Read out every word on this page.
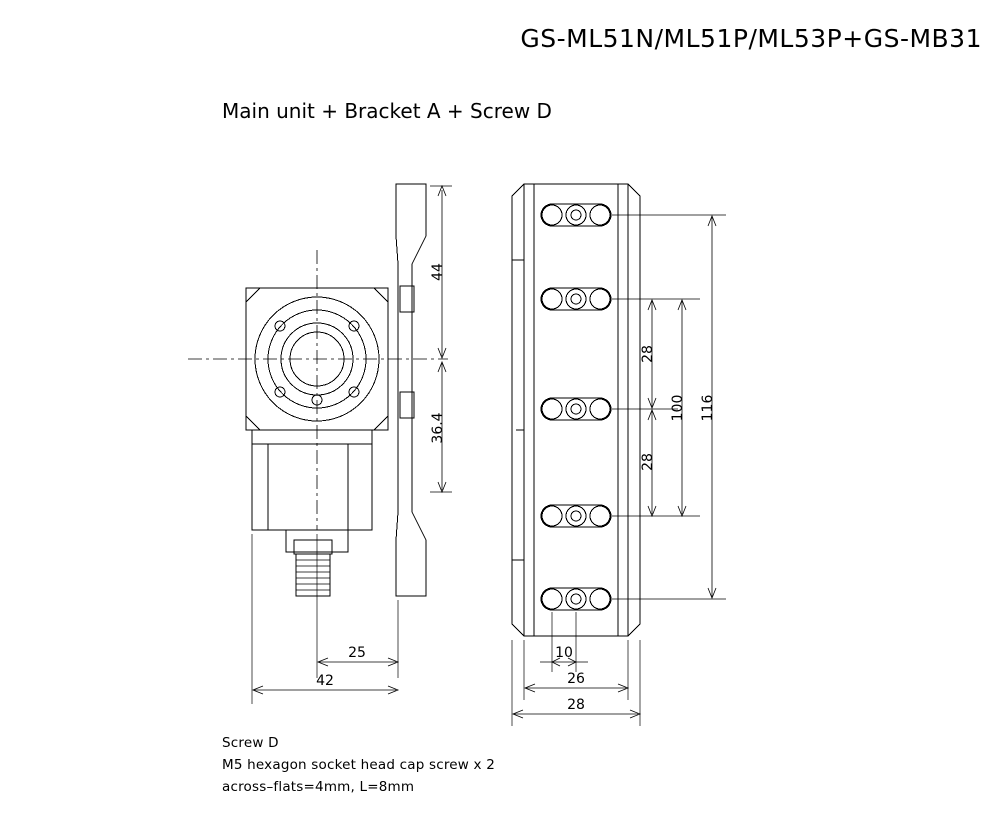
GS-ML51N/ML51P/ML53P+GS-MB31
Main unit + Bracket A + Screw D
44
36.4
25
42
28
28
100 116
10
26
28
Screw D
M5 hexagon socket head cap screw x 2
across–flats=4mm, L=8mm
